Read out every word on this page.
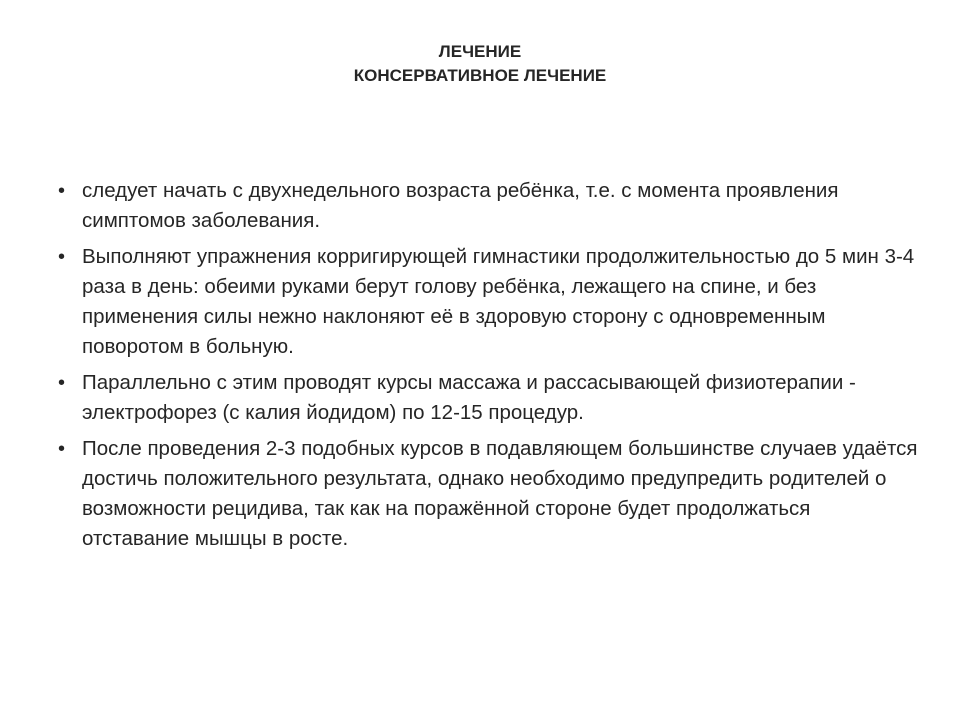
ЛЕЧЕНИЕ
КОНСЕРВАТИВНОЕ ЛЕЧЕНИЕ
• следует начать с двухнедельного возраста ребёнка, т.е. с момента проявления симптомов заболевания.
• Выполняют упражнения корригирующей гимнастики продолжительностью до 5 мин 3-4 раза в день: обеими руками берут голову ребёнка, лежащего на спине, и без применения силы нежно наклоняют её в здоровую сторону с одновременным поворотом в больную.
• Параллельно с этим проводят курсы массажа и рассасывающей физиотерапии - электрофорез (с калия йодидом) по 12-15 процедур.
• После проведения 2-3 подобных курсов в подавляющем большинстве случаев удаётся достичь положительного результата, однако необходимо предупредить родителей о возможности рецидива, так как на поражённой стороне будет продолжаться отставание мышцы в росте.
